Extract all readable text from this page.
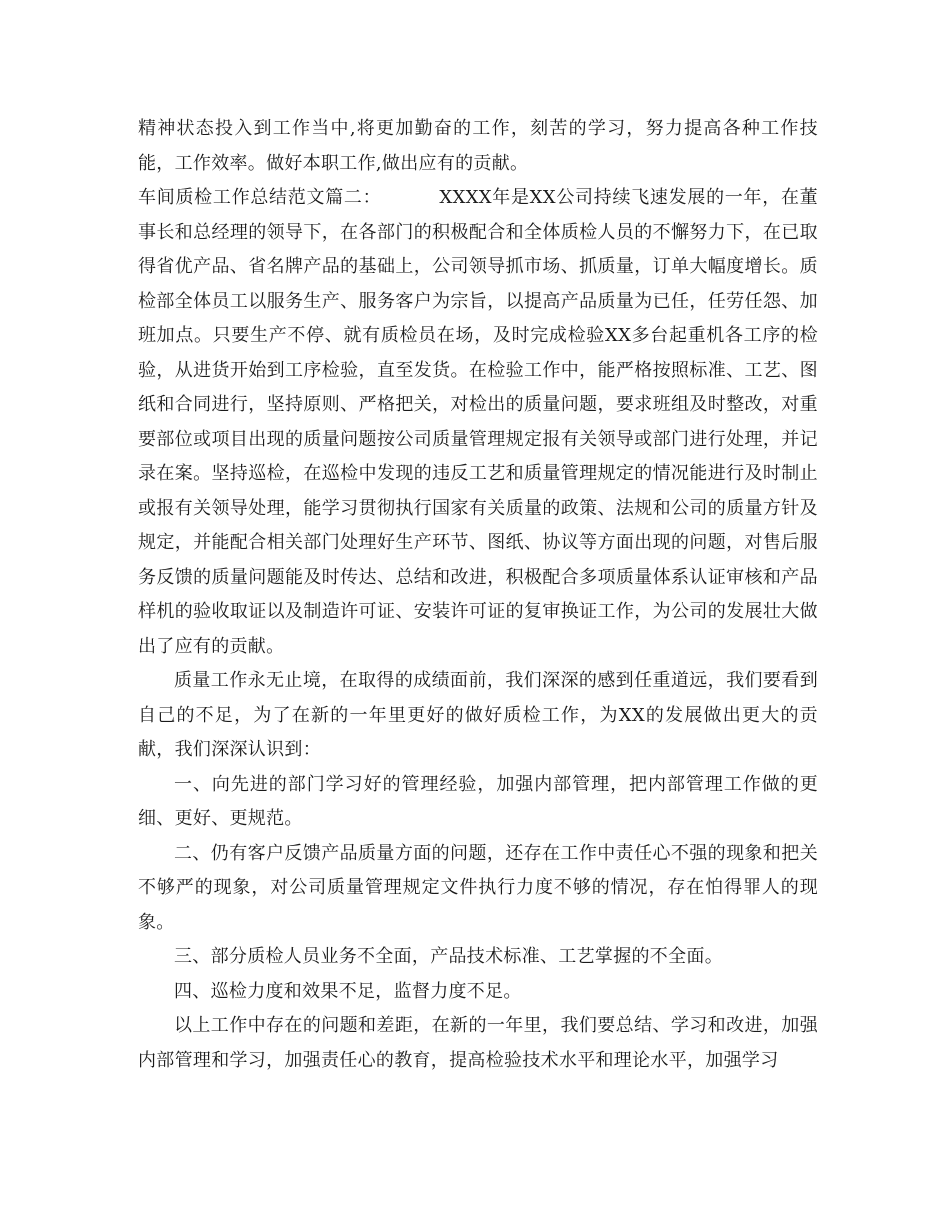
精神状态投入到工作当中,将更加勤奋的工作，刻苦的学习，努力提高各种工作技能，工作效率。做好本职工作,做出应有的贡献。

车间质检工作总结范文篇二：	XXXX年是XX公司持续飞速发展的一年，在董事长和总经理的领导下，在各部门的积极配合和全体质检人员的不懈努力下，在已取得省优产品、省名牌产品的基础上，公司领导抓市场、抓质量，订单大幅度增长。质检部全体员工以服务生产、服务客户为宗旨，以提高产品质量为已任，任劳任怨、加班加点。只要生产不停、就有质检员在场，及时完成检验XX多台起重机各工序的检验，从进货开始到工序检验，直至发货。在检验工作中，能严格按照标准、工艺、图纸和合同进行，坚持原则、严格把关，对检出的质量问题，要求班组及时整改，对重要部位或项目出现的质量问题按公司质量管理规定报有关领导或部门进行处理，并记录在案。坚持巡检，在巡检中发现的违反工艺和质量管理规定的情况能进行及时制止或报有关领导处理，能学习贯彻执行国家有关质量的政策、法规和公司的质量方针及规定，并能配合相关部门处理好生产环节、图纸、协议等方面出现的问题，对售后服务反馈的质量问题能及时传达、总结和改进，积极配合多项质量体系认证审核和产品样机的验收取证以及制造许可证、安装许可证的复审换证工作，为公司的发展壮大做出了应有的贡献。

质量工作永无止境，在取得的成绩面前，我们深深的感到任重道远，我们要看到自己的不足，为了在新的一年里更好的做好质检工作，为XX的发展做出更大的贡献，我们深深认识到：

一、向先进的部门学习好的管理经验，加强内部管理，把内部管理工作做的更细、更好、更规范。

二、仍有客户反馈产品质量方面的问题，还存在工作中责任心不强的现象和把关不够严的现象，对公司质量管理规定文件执行力度不够的情况，存在怕得罪人的现象。

三、部分质检人员业务不全面，产品技术标准、工艺掌握的不全面。

四、巡检力度和效果不足，监督力度不足。

以上工作中存在的问题和差距，在新的一年里，我们要总结、学习和改进，加强内部管理和学习，加强责任心的教育，提高检验技术水平和理论水平，加强学习
